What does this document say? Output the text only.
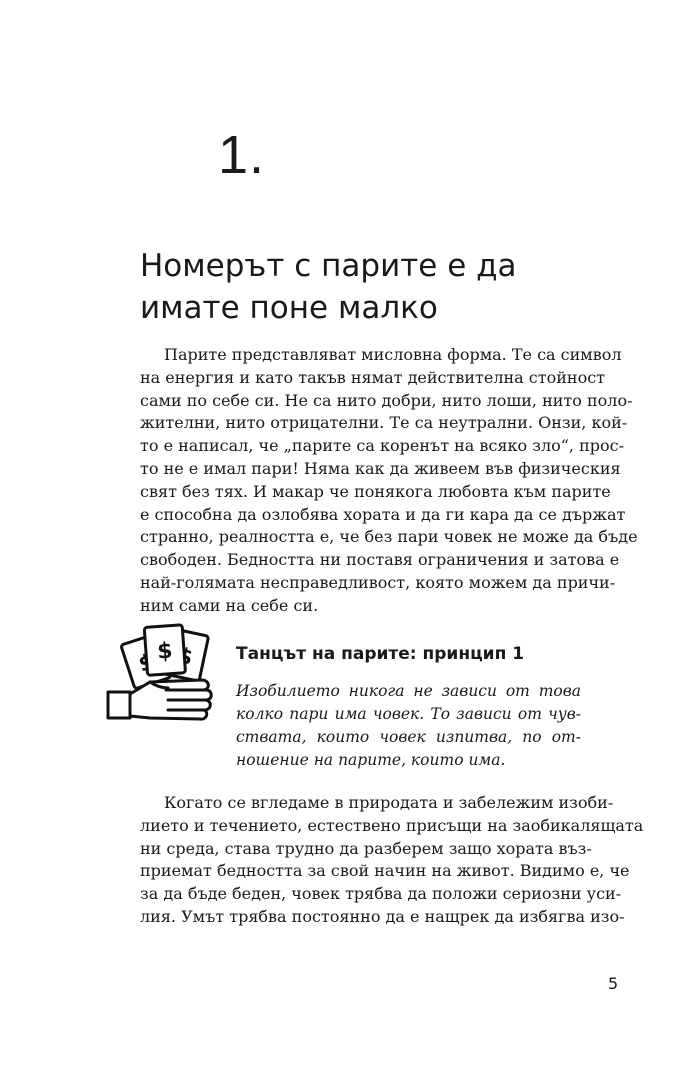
1.
Номерът с парите е да
имате поне малко
Парите представляват мисловна форма. Те са символ
на енергия и като такъв нямат действителна стойност
сами по себе си. Не са нито добри, нито лоши, нито поло-
жителни, нито отрицателни. Те са неутрални. Онзи, кой-
то е написал, че „парите са коренът на всяко зло“, прос-
то не е имал пари! Няма как да живеем във физическия
свят без тях. И макар че понякога любовта към парите
е способна да озлобява хората и да ги кара да се държат
странно, реалността е, че без пари човек не може да бъде
свободен. Бедността ни поставя ограничения и затова е
най-голямата несправедливост, която можем да причи-
ним сами на себе си.
$	Танцът на парите: принцип 1
Изобилието никога не зависи от това
колко пари има човек. То зависи от чув-
ствата, които човек изпитва, по от-
ношение на парите, които има.
Когато се вгледаме в природата и забележим изоби-
лието и течението, естествено присъщи на заобикалящата
ни среда, става трудно да разберем защо хората въз-
приемат бедността за свой начин на живот. Видимо е, че
за да бъде беден, човек трябва да положи сериозни уси-
лия. Умът трябва постоянно да е нащрек да избягва изо-
5
